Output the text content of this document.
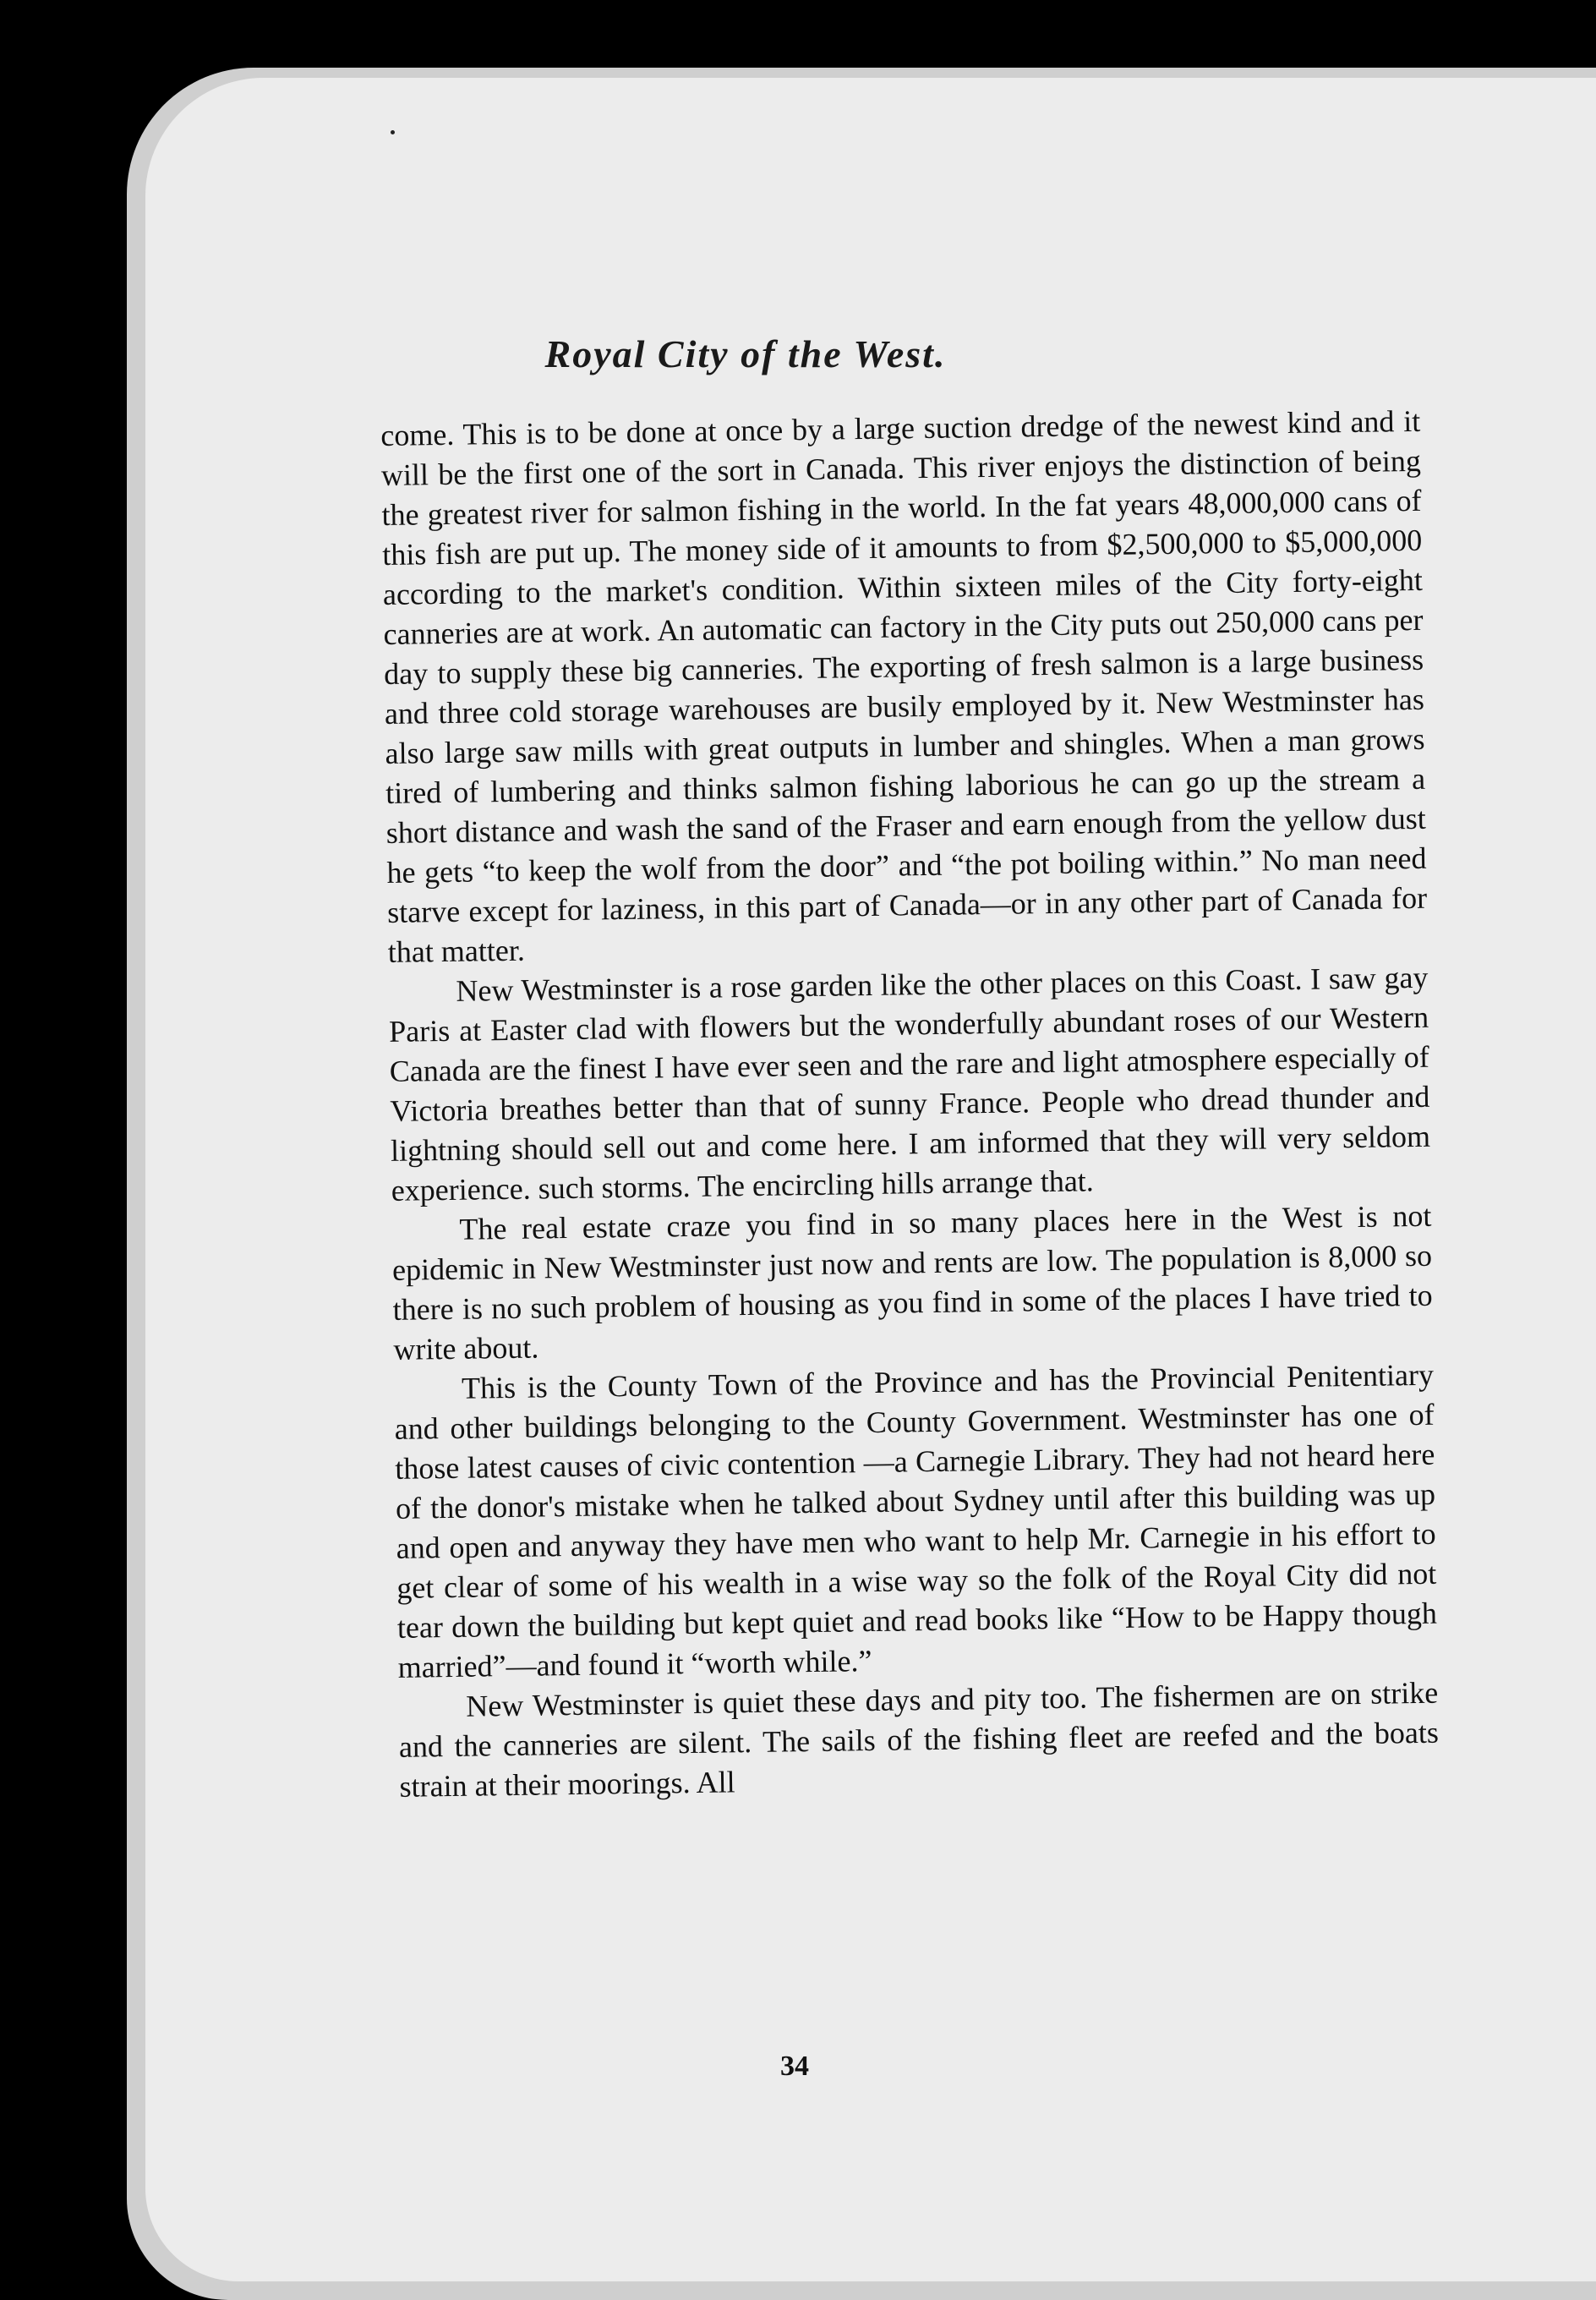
Royal City of the West.

come. This is to be done at once by a large suction dredge of the newest kind and it will be the first one of the sort in Canada. This river enjoys the distinction of being the greatest river for salmon fishing in the world. In the fat years 48,000,000 cans of this fish are put up. The money side of it amounts to from $2,500,000 to $5,000,000 according to the market's condition. Within sixteen miles of the City forty-eight canneries are at work. An automatic can factory in the City puts out 250,000 cans per day to supply these big canneries. The exporting of fresh salmon is a large business and three cold storage warehouses are busily employed by it. New Westminster has also large saw mills with great outputs in lumber and shingles. When a man grows tired of lumbering and thinks salmon fishing laborious he can go up the stream a short distance and wash the sand of the Fraser and earn enough from the yellow dust he gets “to keep the wolf from the door” and “the pot boiling within.” No man need starve except for laziness, in this part of Canada—or in any other part of Canada for that matter.

New Westminster is a rose garden like the other places on this Coast. I saw gay Paris at Easter clad with flowers but the wonderfully abundant roses of our Western Canada are the finest I have ever seen and the rare and light atmosphere especially of Victoria breathes better than that of sunny France. People who dread thunder and lightning should sell out and come here. I am informed that they will very seldom experience. such storms. The encircling hills arrange that.

The real estate craze you find in so many places here in the West is not epidemic in New Westminster just now and rents are low. The population is 8,000 so there is no such problem of housing as you find in some of the places I have tried to write about.

This is the County Town of the Province and has the Provincial Penitentiary and other buildings belonging to the County Government. Westminster has one of those latest causes of civic contention —a Carnegie Library. They had not heard here of the donor's mistake when he talked about Sydney until after this building was up and open and anyway they have men who want to help Mr. Carnegie in his effort to get clear of some of his wealth in a wise way so the folk of the Royal City did not tear down the building but kept quiet and read books like “How to be Happy though married”—and found it “worth while.”

New Westminster is quiet these days and pity too. The fishermen are on strike and the canneries are silent. The sails of the fishing fleet are reefed and the boats strain at their moorings. All

34
